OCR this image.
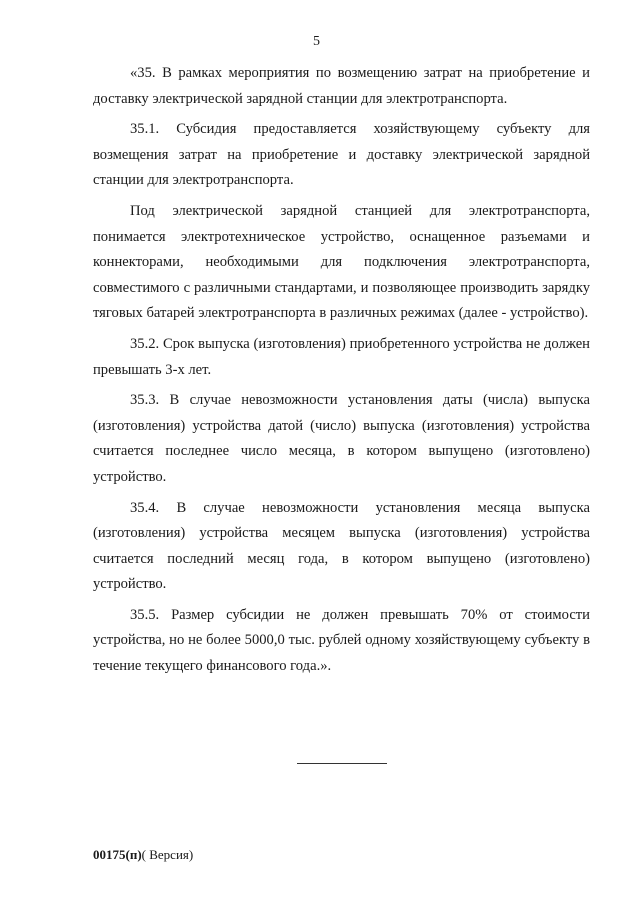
5

«35. В рамках мероприятия по возмещению затрат на приобретение и доставку электрической зарядной станции для электротранспорта.

35.1. Субсидия предоставляется хозяйствующему субъекту для возмещения затрат на приобретение и доставку электрической зарядной станции для электротранспорта.

Под электрической зарядной станцией для электротранспорта, понимается электротехническое устройство, оснащенное разъемами и коннекторами, необходимыми для подключения электротранспорта, совместимого с различными стандартами, и позволяющее производить зарядку тяговых батарей электротранспорта в различных режимах (далее - устройство).

35.2. Срок выпуска (изготовления) приобретенного устройства не должен превышать 3-х лет.

35.3. В случае невозможности установления даты (числа) выпуска (изготовления) устройства датой (число) выпуска (изготовления) устройства считается последнее число месяца, в котором выпущено (изготовлено) устройство.

35.4. В случае невозможности установления месяца выпуска (изготовления) устройства месяцем выпуска (изготовления) устройства считается последний месяц года, в котором выпущено (изготовлено) устройство.

35.5. Размер субсидии не должен превышать 70% от стоимости устройства, но не более 5000,0 тыс. рублей одному хозяйствующему субъекту в течение текущего финансового года.».

00175(п)( Версия)
